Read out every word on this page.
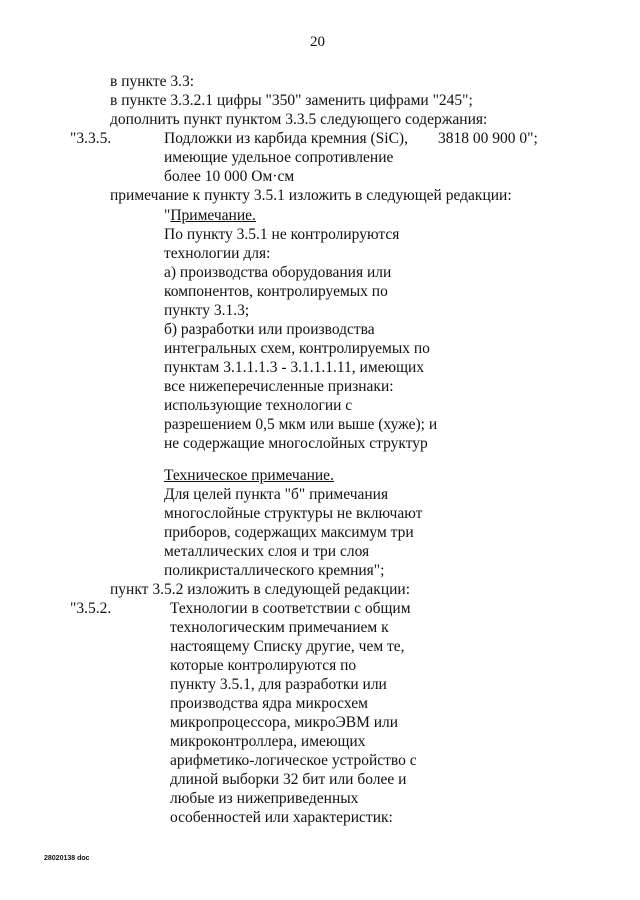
20
в пункте 3.3:
в пункте 3.3.2.1 цифры "350" заменить цифрами "245";
дополнить пункт пунктом 3.3.5 следующего содержания:
"3.3.5.	Подложки из карбида кремния (SiC), 3818 00 900 0";
имеющие удельное сопротивление
более 10 000 Ом·см
примечание к пункту 3.5.1 изложить в следующей редакции:
"Примечание.
По пункту 3.5.1 не контролируются
технологии для:
а) производства оборудования или
компонентов, контролируемых по
пункту 3.1.3;
б) разработки или производства
интегральных схем, контролируемых по
пунктам 3.1.1.1.3 - 3.1.1.1.11, имеющих
все нижеперечисленные признаки:
использующие технологии с
разрешением 0,5 мкм или выше (хуже); и
не содержащие многослойных структур
Техническое примечание.
Для целей пункта "б" примечания
многослойные структуры не включают
приборов, содержащих максимум три
металлических слоя и три слоя
поликристаллического кремния";
пункт 3.5.2 изложить в следующей редакции:
"3.5.2.	Технологии в соответствии с общим
технологическим примечанием к
настоящему Списку другие, чем те,
которые контролируются по
пункту 3.5.1, для разработки или
производства ядра микросхем
микропроцессора, микроЭВМ или
микроконтроллера, имеющих
арифметико-логическое устройство с
длиной выборки 32 бит или более и
любые из нижеприведенных
особенностей или характеристик:
28020138 doc
